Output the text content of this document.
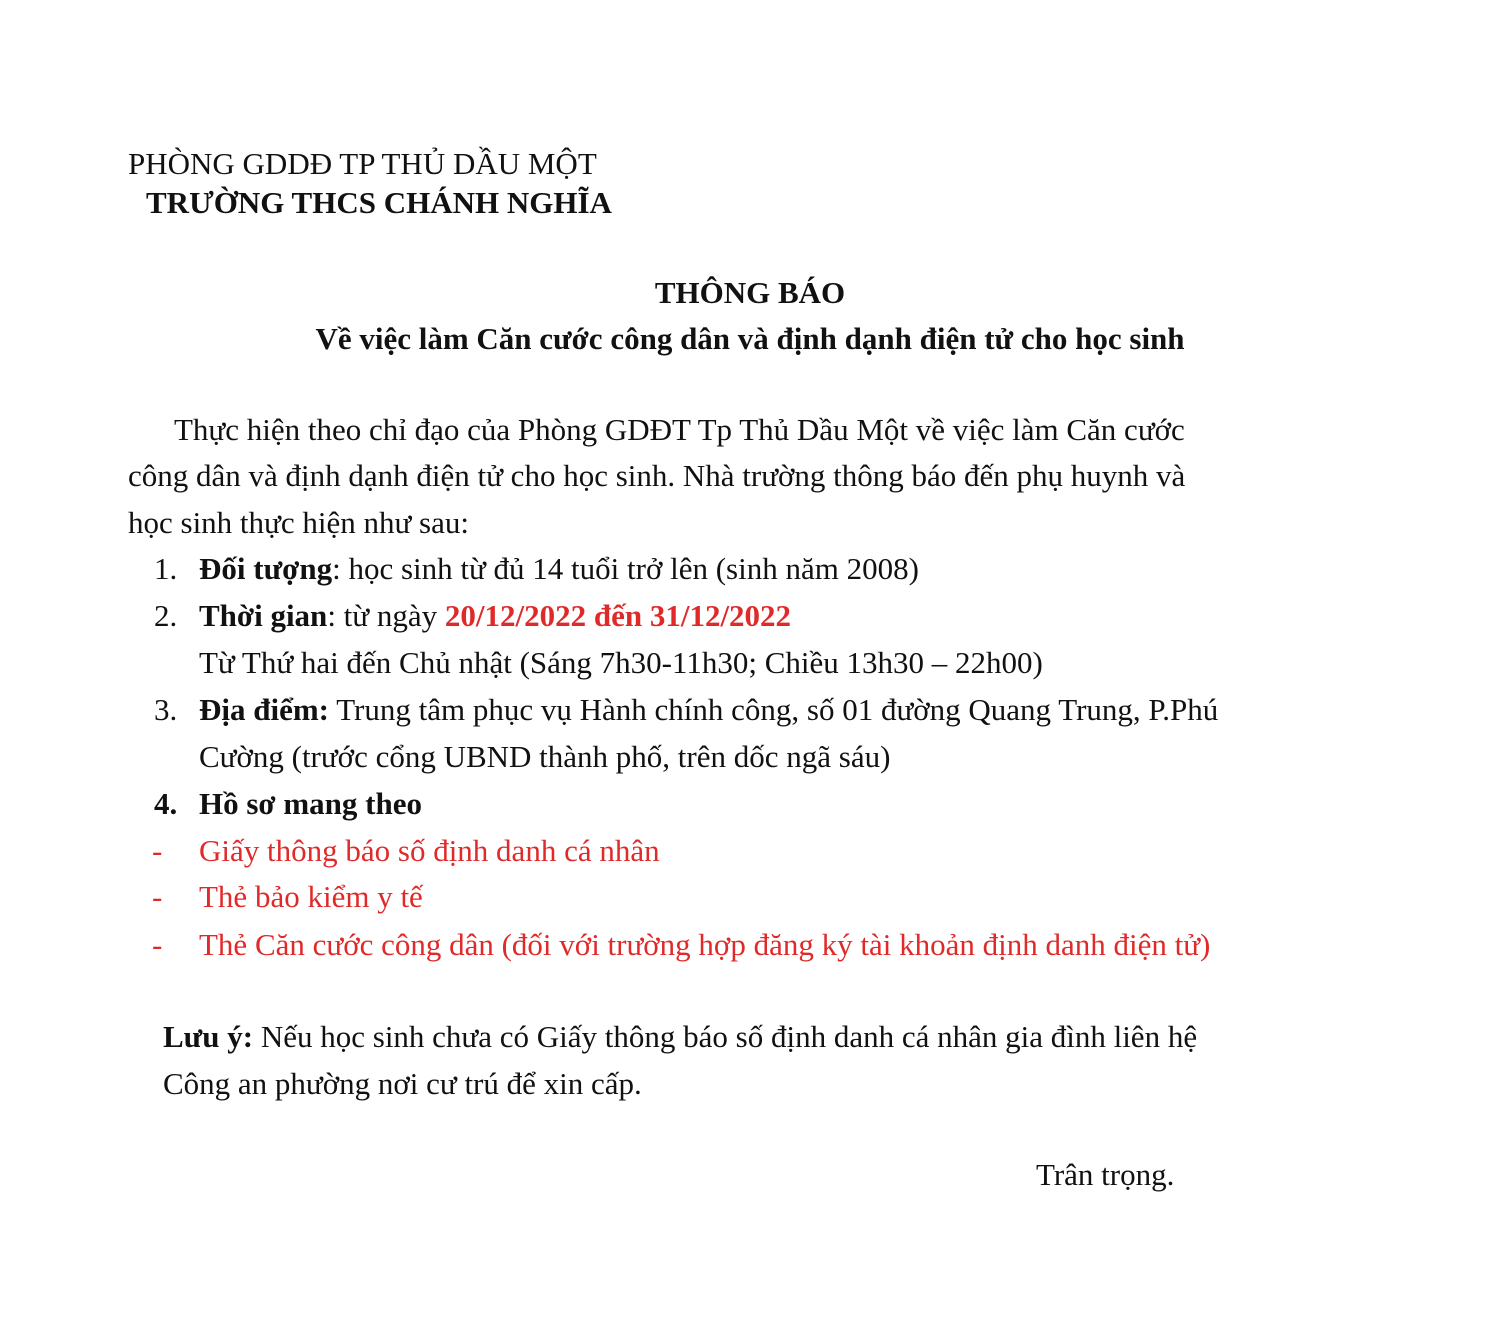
PHÒNG GDDĐ TP THỦ DẦU MỘT
TRƯỜNG THCS CHÁNH NGHĨA
THÔNG BÁO
Về việc làm Căn cước công dân và định dạnh điện tử cho học sinh
Thực hiện theo chỉ đạo của Phòng GDĐT Tp Thủ Dầu Một về việc làm Căn cước
công dân và định dạnh điện tử cho học sinh. Nhà trường thông báo đến phụ huynh và
học sinh thực hiện như sau:
1. Đối tượng: học sinh từ đủ 14 tuổi trở lên (sinh năm 2008)
2. Thời gian: từ ngày 20/12/2022 đến 31/12/2022
Từ Thứ hai đến Chủ nhật (Sáng 7h30-11h30; Chiều 13h30 – 22h00)
3. Địa điểm: Trung tâm phục vụ Hành chính công, số 01 đường Quang Trung, P.Phú
Cường (trước cổng UBND thành phố, trên dốc ngã sáu)
4. Hồ sơ mang theo
- Giấy thông báo số định danh cá nhân
- Thẻ bảo kiểm y tế
- Thẻ Căn cước công dân (đối với trường hợp đăng ký tài khoản định danh điện tử)
Lưu ý: Nếu học sinh chưa có Giấy thông báo số định danh cá nhân gia đình liên hệ
Công an phường nơi cư trú để xin cấp.
Trân trọng.
